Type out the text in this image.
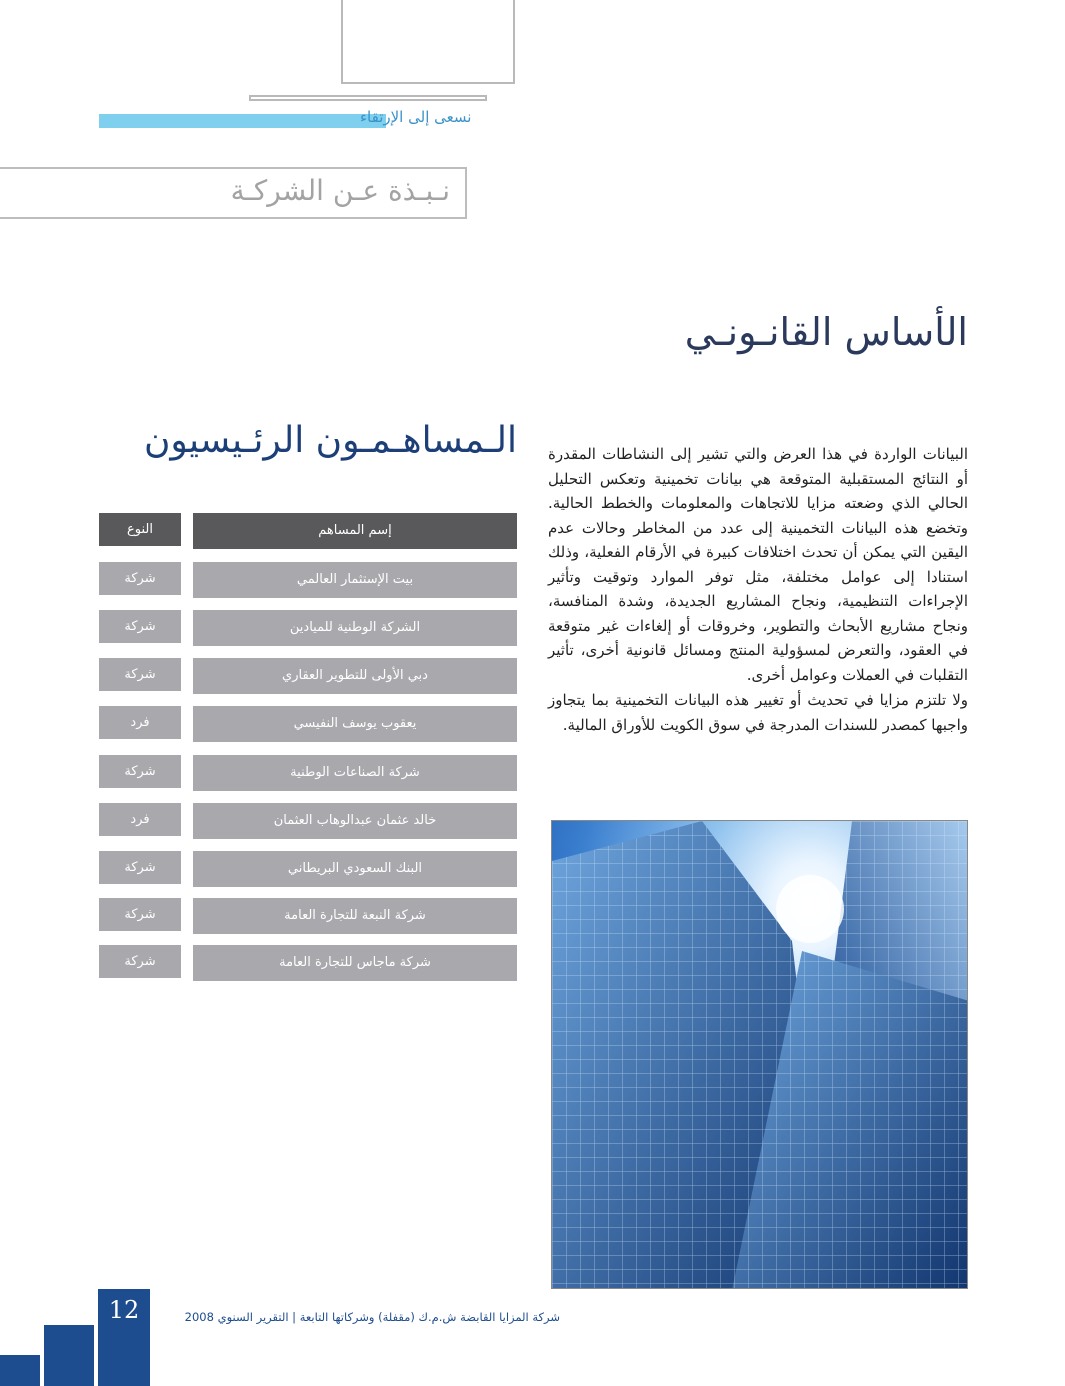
نسعى إلى الإرتقاء
نـبـذة عـن الشركـة
الأساس القانـونـي
البيانات الواردة في هذا العرض والتي تشير إلى النشاطات المقدرة أو النتائج المستقبلية المتوقعة هي بيانات تخمينية وتعكس التحليل الحالي الذي وضعته مزايا للاتجاهات والمعلومات والخطط الحالية. وتخضع هذه البيانات التخمينية إلى عدد من المخاطر وحالات عدم اليقين التي يمكن أن تحدث اختلافات كبيرة في الأرقام الفعلية، وذلك استنادا إلى عوامل مختلفة، مثل توفر الموارد وتوقيت وتأثير الإجراءات التنظيمية، ونجاح المشاريع الجديدة، وشدة المنافسة، ونجاح مشاريع الأبحاث والتطوير، وخروقات أو إلغاءات غير متوقعة في العقود، والتعرض لمسؤولية المنتج ومسائل قانونية أخرى، تأثير التقلبات في العملات وعوامل أخرى.
ولا تلتزم مزايا في تحديث أو تغيير هذه البيانات التخمينية بما يتجاوز واجبها كمصدر للسندات المدرجة في سوق الكويت للأوراق المالية.
الـمساهـمـون الرئـيسيون
النوع	إسم المساهم
شركة	بيت الإستثمار العالمي
شركة	الشركة الوطنية للميادين
شركة	دبي الأولى للتطوير العقاري
فرد	يعقوب يوسف النفيسي
شركة	شركة الصناعات الوطنية
فرد	خالد عثمان عبدالوهاب العثمان
شركة	البنك السعودي البريطاني
شركة	شركة النبعة للتجارة العامة
شركة	شركة ماجاس للتجارة العامة
12	شركة المزايا القابضة ش.م.ك (مقفلة) وشركاتها التابعة | التقرير السنوي 2008
